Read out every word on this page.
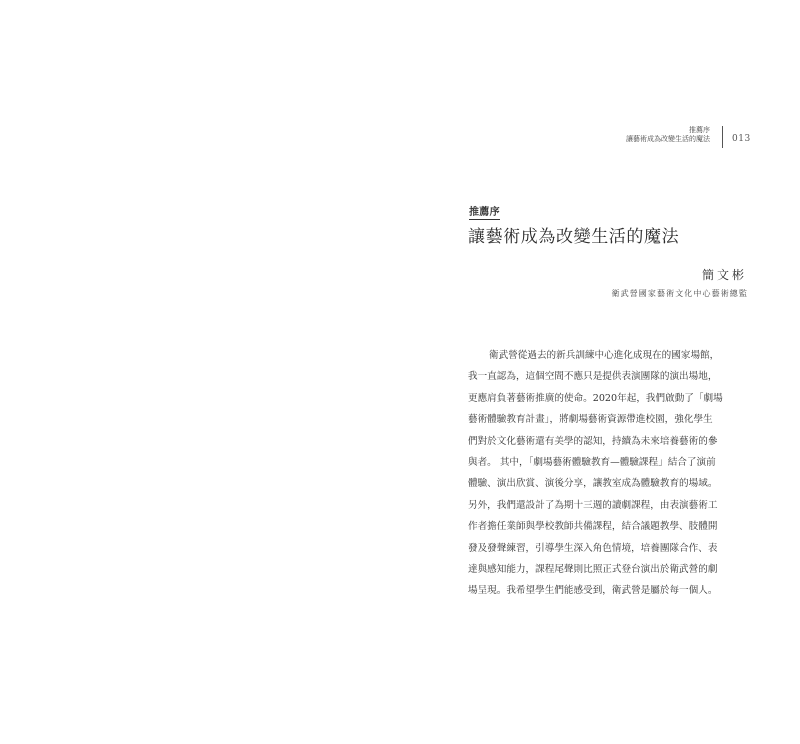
推薦序
讓藝術成為改變生活的魔法 013
推薦序
讓藝術成為改變生活的魔法
簡文彬
衛武營國家藝術文化中心藝術總監
衛武營從過去的新兵訓練中心進化成現在的國家場館，
我一直認為，這個空間不應只是提供表演團隊的演出場地，
更應肩負著藝術推廣的使命。2020年起，我們啟動了「劇場
藝術體驗教育計畫」，將劇場藝術資源帶進校園，強化學生
們對於文化藝術還有美學的認知，持續為未來培養藝術的參
與者。 其中，「劇場藝術體驗教育—體驗課程」結合了演前
體驗、演出欣賞、演後分享，讓教室成為體驗教育的場域。
另外，我們還設計了為期十三週的讀劇課程，由表演藝術工
作者擔任業師與學校教師共備課程，結合議題教學、肢體開
發及發聲練習，引導學生深入角色情境，培養團隊合作、表
達與感知能力，課程尾聲則比照正式登台演出於衛武營的劇
場呈現。我希望學生們能感受到，衛武營是屬於每一個人。
